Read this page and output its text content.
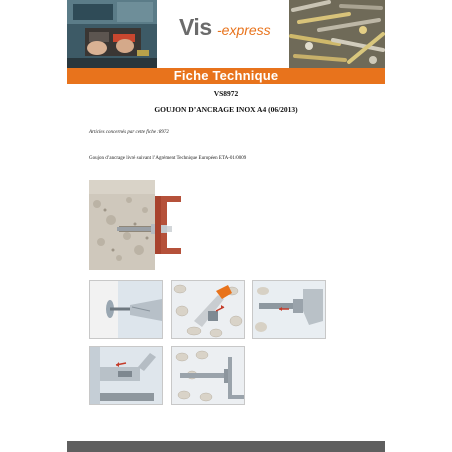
Vis -express
Fiche Technique
VS8972
GOUJON D’ANCRAGE INOX A4 (06/2013)
Articles concernés par cette fiche :8972
Goujon d’ancrage livré suivant l’Agrément Technique Européen ETA-01/0009
